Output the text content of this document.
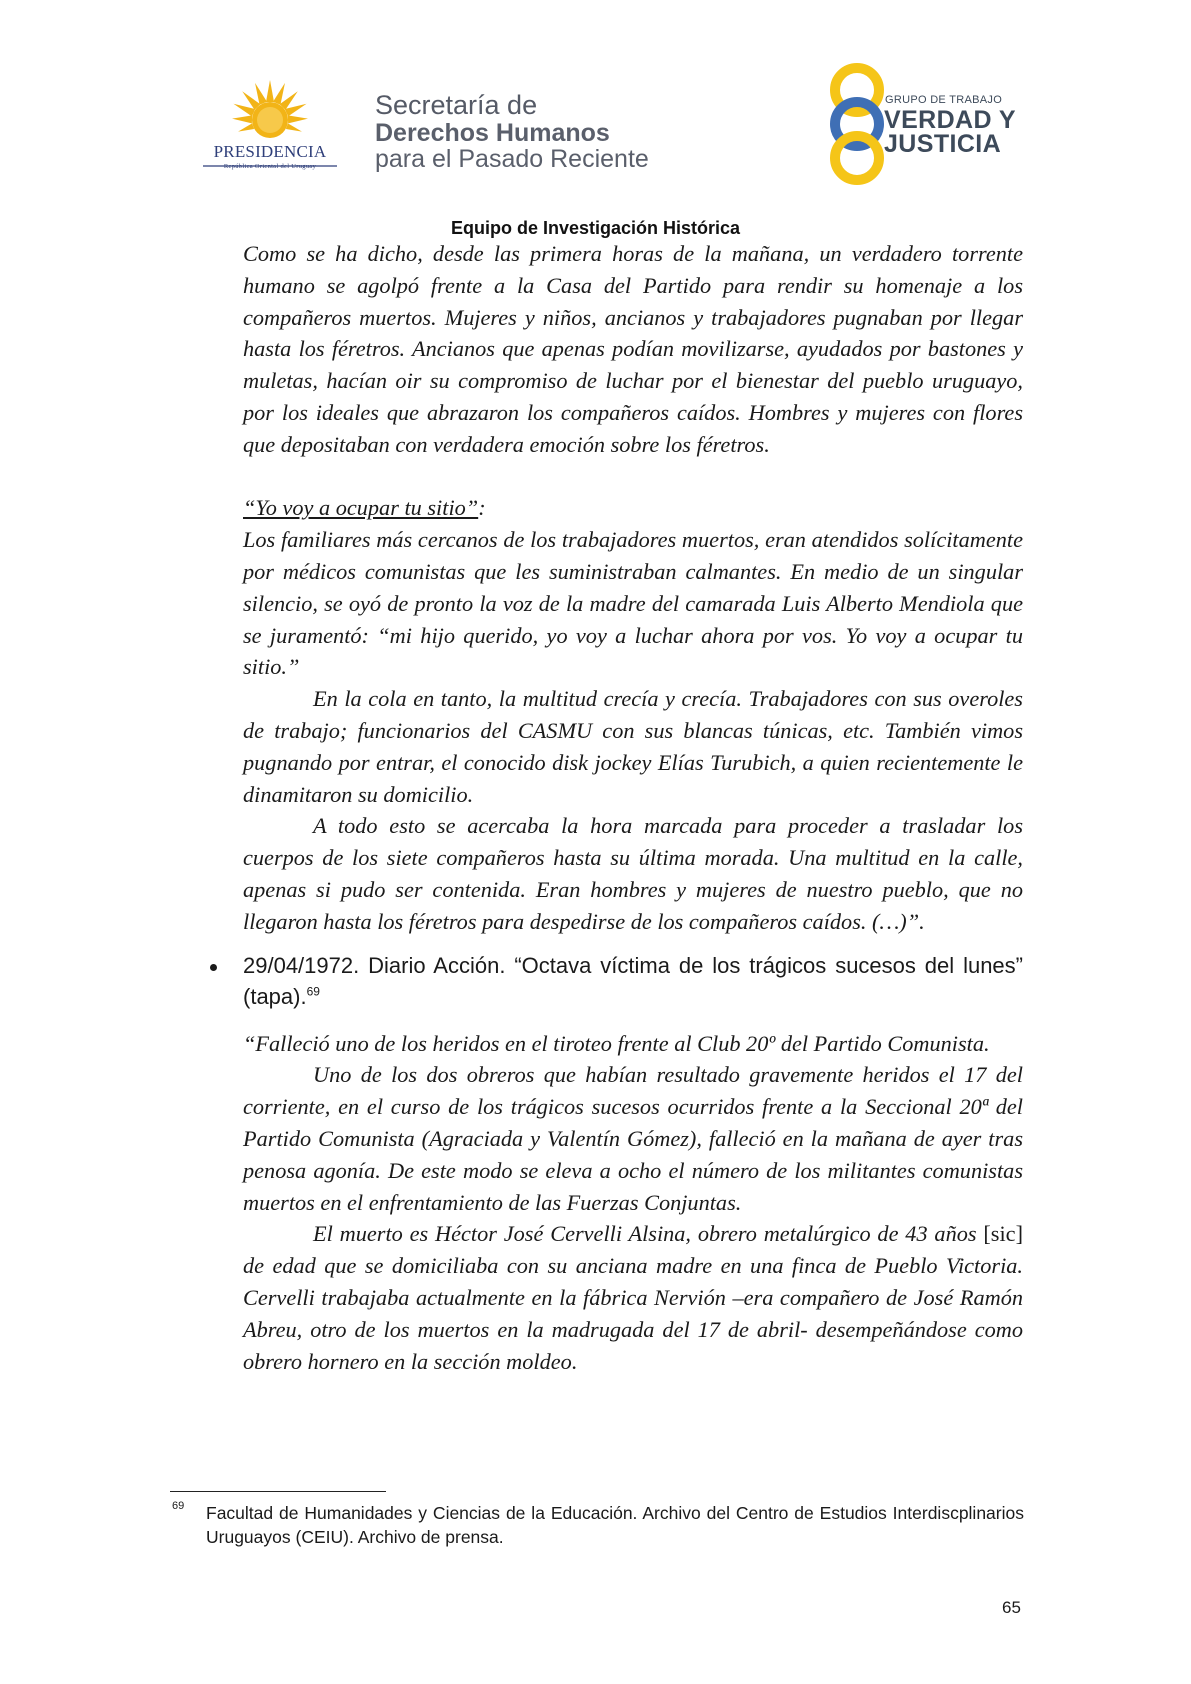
PRESIDENCIA
República Oriental del Uruguay
Secretaría de
Derechos Humanos
para el Pasado Reciente
GRUPO DE TRABAJO
VERDAD Y
JUSTICIA
Equipo de Investigación Histórica

Como se ha dicho, desde las primera horas de la mañana, un verdadero torrente humano se agolpó frente a la Casa del Partido para rendir su homenaje a los compañeros muertos. Mujeres y niños, ancianos y trabajadores pugnaban por llegar hasta los féretros. Ancianos que apenas podían movilizarse, ayudados por bastones y muletas, hacían oir su compromiso de luchar por el bienestar del pueblo uruguayo, por los ideales que abrazaron los compañeros caídos. Hombres y mujeres con flores que depositaban con verdadera emoción sobre los féretros.

“Yo voy a ocupar tu sitio”:

Los familiares más cercanos de los trabajadores muertos, eran atendidos solícitamente por médicos comunistas que les suministraban calmantes. En medio de un singular silencio, se oyó de pronto la voz de la madre del camarada Luis Alberto Mendiola que se juramentó: “mi hijo querido, yo voy a luchar ahora por vos. Yo voy a ocupar tu sitio.”

En la cola en tanto, la multitud crecía y crecía. Trabajadores con sus overoles de trabajo; funcionarios del CASMU con sus blancas túnicas, etc. También vimos pugnando por entrar, el conocido disk jockey Elías Turubich, a quien recientemente le dinamitaron su domicilio.

A todo esto se acercaba la hora marcada para proceder a trasladar los cuerpos de los siete compañeros hasta su última morada. Una multitud en la calle, apenas si pudo ser contenida. Eran hombres y mujeres de nuestro pueblo, que no llegaron hasta los féretros para despedirse de los compañeros caídos. (…)”.

29/04/1972. Diario Acción. “Octava víctima de los trágicos sucesos del lunes” (tapa).$^{69}$

“Falleció uno de los heridos en el tiroteo frente al Club 20º del Partido Comunista.

Uno de los dos obreros que habían resultado gravemente heridos el 17 del corriente, en el curso de los trágicos sucesos ocurridos frente a la Seccional 20ª del Partido Comunista (Agraciada y Valentín Gómez), falleció en la mañana de ayer tras penosa agonía. De este modo se eleva a ocho el número de los militantes comunistas muertos en el enfrentamiento de las Fuerzas Conjuntas.

El muerto es Héctor José Cervelli Alsina, obrero metalúrgico de 43 años [sic] de edad que se domiciliaba con su anciana madre en una finca de Pueblo Victoria. Cervelli trabajaba actualmente en la fábrica Nervión –era compañero de José Ramón Abreu, otro de los muertos en la madrugada del 17 de abril- desempeñándose como obrero hornero en la sección moldeo.

69 Facultad de Humanidades y Ciencias de la Educación. Archivo del Centro de Estudios Interdiscplinarios Uruguayos (CEIU). Archivo de prensa.

65
